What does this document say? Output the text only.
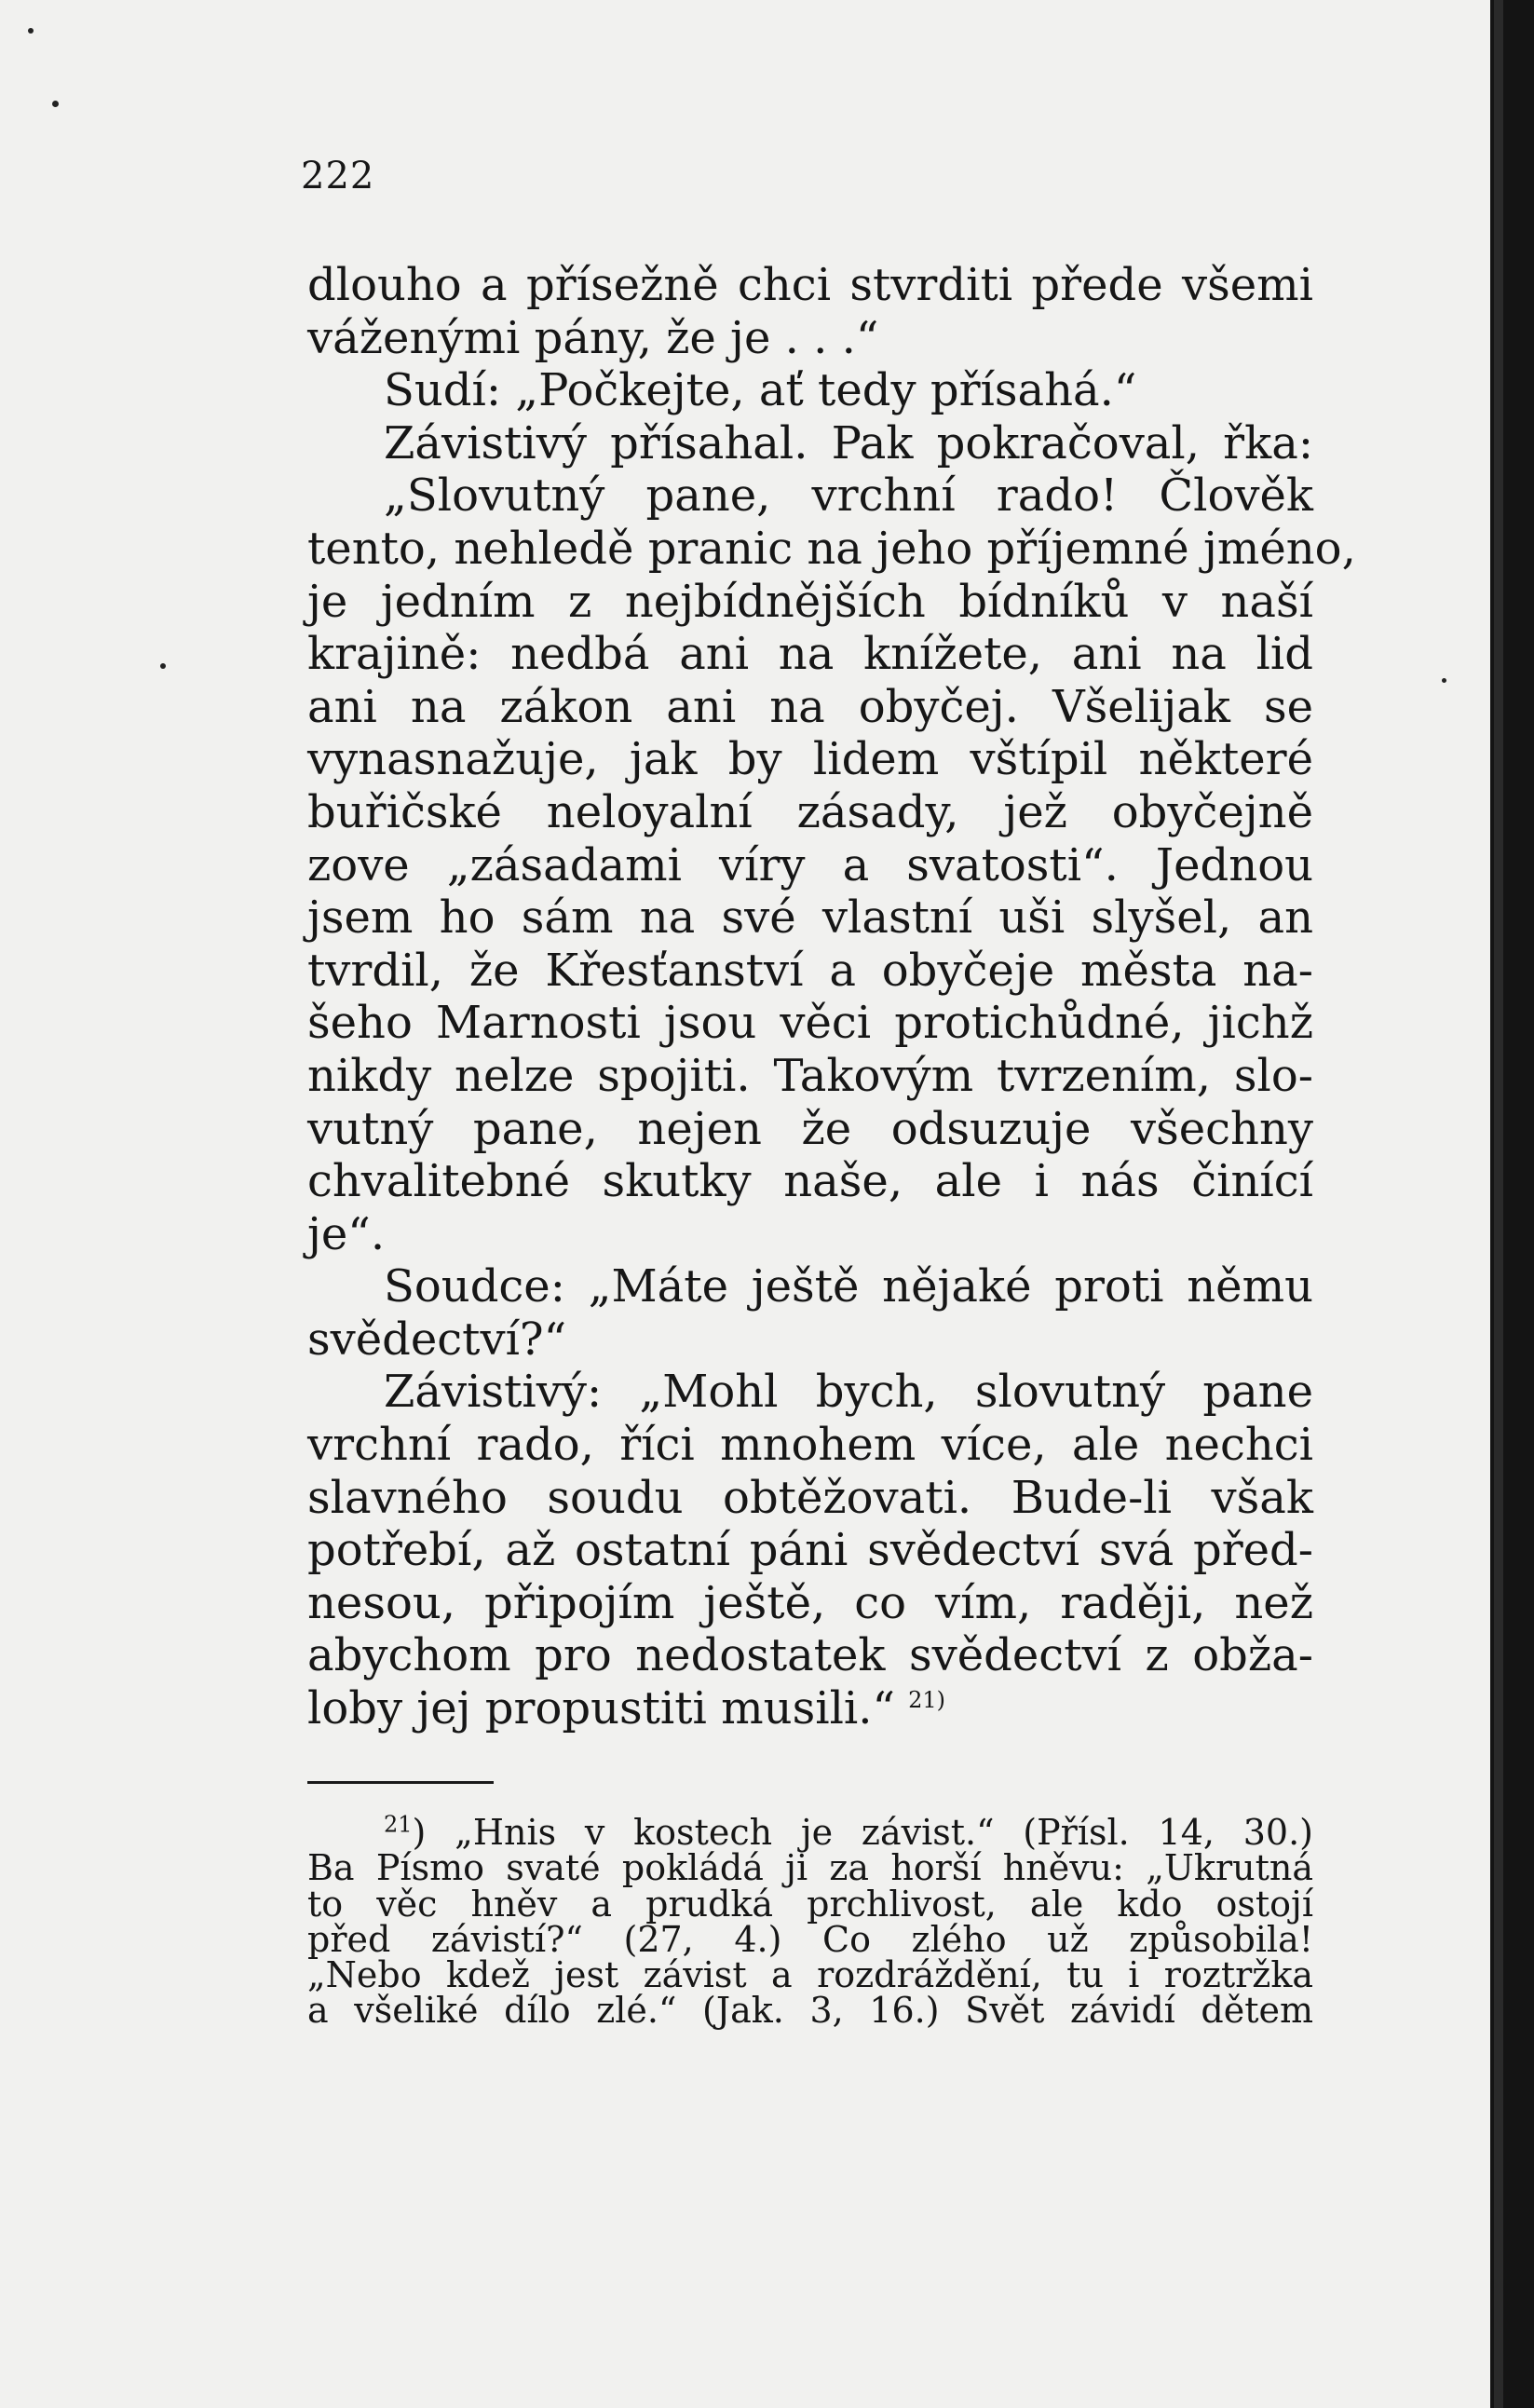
222
dlouho a přísežně chci stvrditi přede všemi
váženými pány, že je . . .“
Sudí: „Počkejte, ať tedy přísahá.“
Závistivý přísahal. Pak pokračoval, řka:
„Slovutný pane, vrchní rado! Člověk
tento, nehledě pranic na jeho příjemné jméno,
je jedním z nejbídnějších bídníků v naší
krajině: nedbá ani na knížete, ani na lid
ani na zákon ani na obyčej. Všelijak se
vynasnažuje, jak by lidem vštípil některé
buřičské neloyalní zásady, jež obyčejně
zove „zásadami víry a svatosti“. Jednou
jsem ho sám na své vlastní uši slyšel, an
tvrdil, že Křesťanství a obyčeje města na-
šeho Marnosti jsou věci protichůdné, jichž
nikdy nelze spojiti. Takovým tvrzením, slo-
vutný pane, nejen že odsuzuje všechny
chvalitebné skutky naše, ale i nás činící
je“.
Soudce: „Máte ještě nějaké proti němu
svědectví?“
Závistivý: „Mohl bych, slovutný pane
vrchní rado, říci mnohem více, ale nechci
slavného soudu obtěžovati. Bude-li však
potřebí, až ostatní páni svědectví svá před-
nesou, připojím ještě, co vím, raději, než
abychom pro nedostatek svědectví z obža-
loby jej propustiti musili.“ $^{21)}$
$^{21}$) „Hnis v kostech je závist.“ (Přísl. 14, 30.)
Ba Písmo svaté pokládá ji za horší hněvu: „Ukrutná
to věc hněv a prudká prchlivost, ale kdo ostojí
před závistí?“ (27, 4.) Co zlého už způsobila!
„Nebo kdež jest závist a rozdráždění, tu i roztržka
a všeliké dílo zlé.“ (Jak. 3, 16.) Svět závidí dětem
